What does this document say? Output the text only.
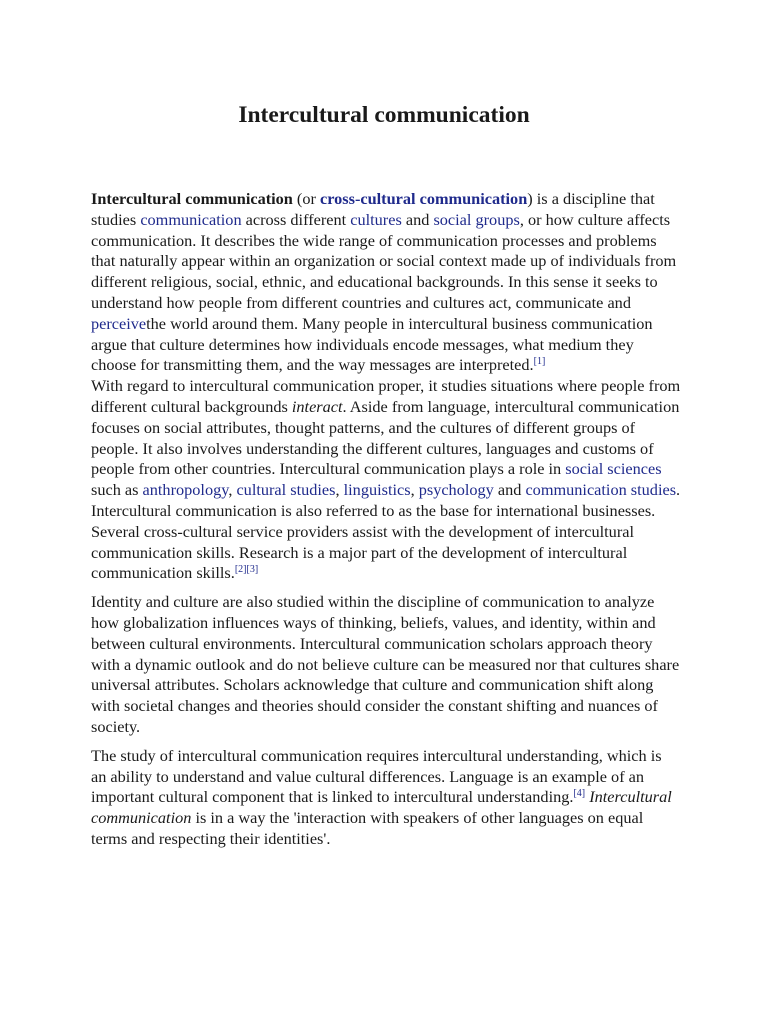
Intercultural communication

Intercultural communication (or cross-cultural communication) is a discipline that studies communication across different cultures and social groups, or how culture affects communication. It describes the wide range of communication processes and problems that naturally appear within an organization or social context made up of individuals from different religious, social, ethnic, and educational backgrounds. In this sense it seeks to understand how people from different countries and cultures act, communicate and perceivethe world around them. Many people in intercultural business communication argue that culture determines how individuals encode messages, what medium they choose for transmitting them, and the way messages are interpreted.[1]

With regard to intercultural communication proper, it studies situations where people from different cultural backgrounds interact. Aside from language, intercultural communication focuses on social attributes, thought patterns, and the cultures of different groups of people. It also involves understanding the different cultures, languages and customs of people from other countries. Intercultural communication plays a role in social sciences such as anthropology, cultural studies, linguistics, psychology and communication studies. Intercultural communication is also referred to as the base for international businesses. Several cross-cultural service providers assist with the development of intercultural communication skills. Research is a major part of the development of intercultural communication skills.[2][3]

Identity and culture are also studied within the discipline of communication to analyze how globalization influences ways of thinking, beliefs, values, and identity, within and between cultural environments. Intercultural communication scholars approach theory with a dynamic outlook and do not believe culture can be measured nor that cultures share universal attributes. Scholars acknowledge that culture and communication shift along with societal changes and theories should consider the constant shifting and nuances of society.

The study of intercultural communication requires intercultural understanding, which is an ability to understand and value cultural differences. Language is an example of an important cultural component that is linked to intercultural understanding.[4] Intercultural communication is in a way the 'interaction with speakers of other languages on equal terms and respecting their identities'.
